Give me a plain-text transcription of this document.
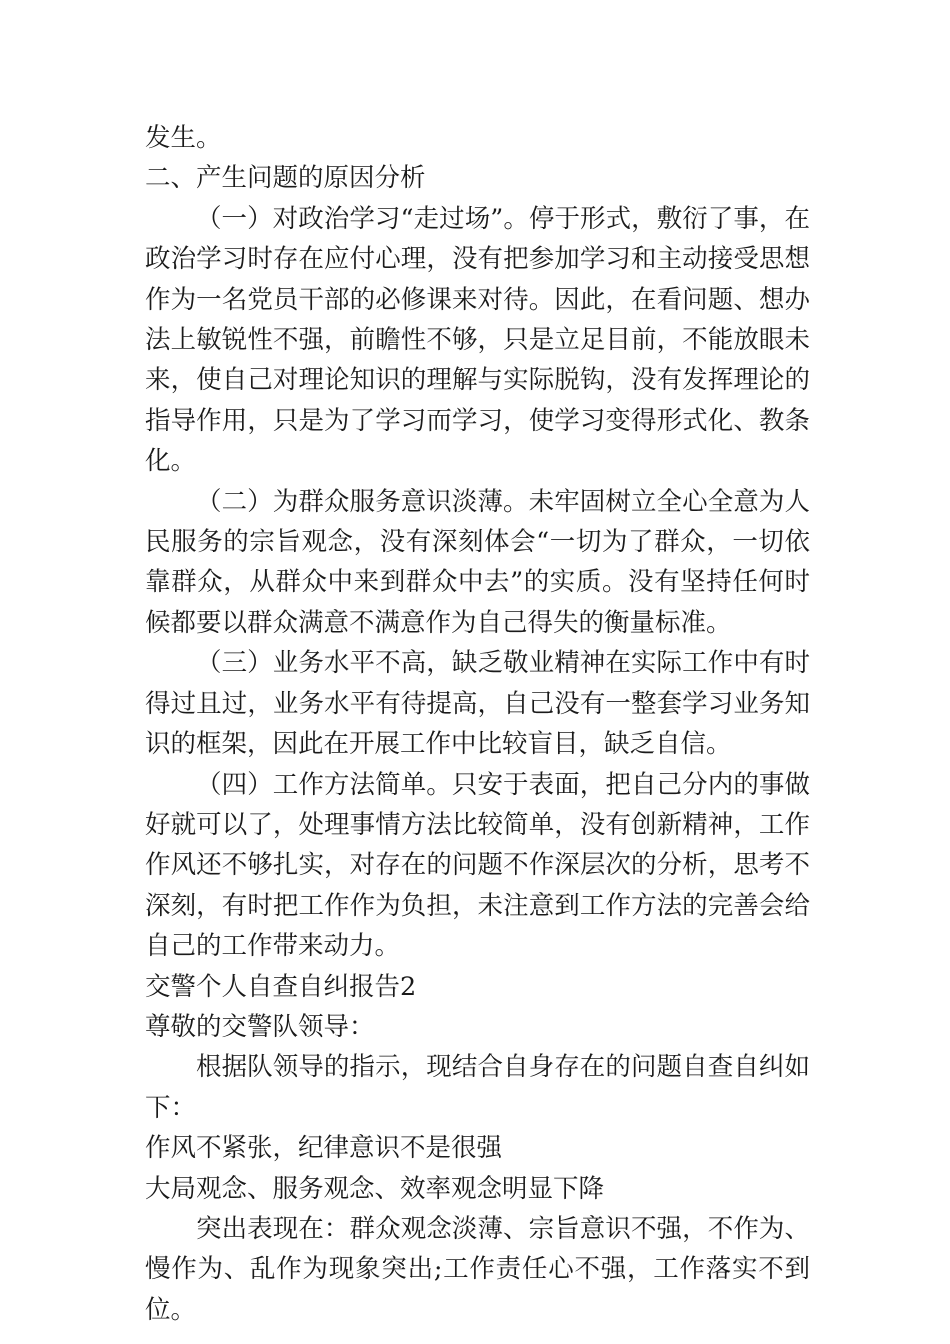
发生。

二、产生问题的原因分析

（一）对政治学习“走过场”。停于形式，敷衍了事，在政治学习时存在应付心理，没有把参加学习和主动接受思想作为一名党员干部的必修课来对待。因此，在看问题、想办法上敏锐性不强，前瞻性不够，只是立足目前，不能放眼未来，使自己对理论知识的理解与实际脱钩，没有发挥理论的指导作用，只是为了学习而学习，使学习变得形式化、教条化。

（二）为群众服务意识淡薄。未牢固树立全心全意为人民服务的宗旨观念，没有深刻体会“一切为了群众，一切依靠群众，从群众中来到群众中去”的实质。没有坚持任何时候都要以群众满意不满意作为自己得失的衡量标准。

（三）业务水平不高，缺乏敬业精神在实际工作中有时得过且过，业务水平有待提高，自己没有一整套学习业务知识的框架，因此在开展工作中比较盲目，缺乏自信。

（四）工作方法简单。只安于表面，把自己分内的事做好就可以了，处理事情方法比较简单，没有创新精神，工作作风还不够扎实，对存在的问题不作深层次的分析，思考不深刻，有时把工作作为负担，未注意到工作方法的完善会给自己的工作带来动力。

交警个人自查自纠报告2

尊敬的交警队领导：

根据队领导的指示，现结合自身存在的问题自查自纠如下：

作风不紧张，纪律意识不是很强

大局观念、服务观念、效率观念明显下降

突出表现在：群众观念淡薄、宗旨意识不强，不作为、慢作为、乱作为现象突出;工作责任心不强，工作落实不到位。
